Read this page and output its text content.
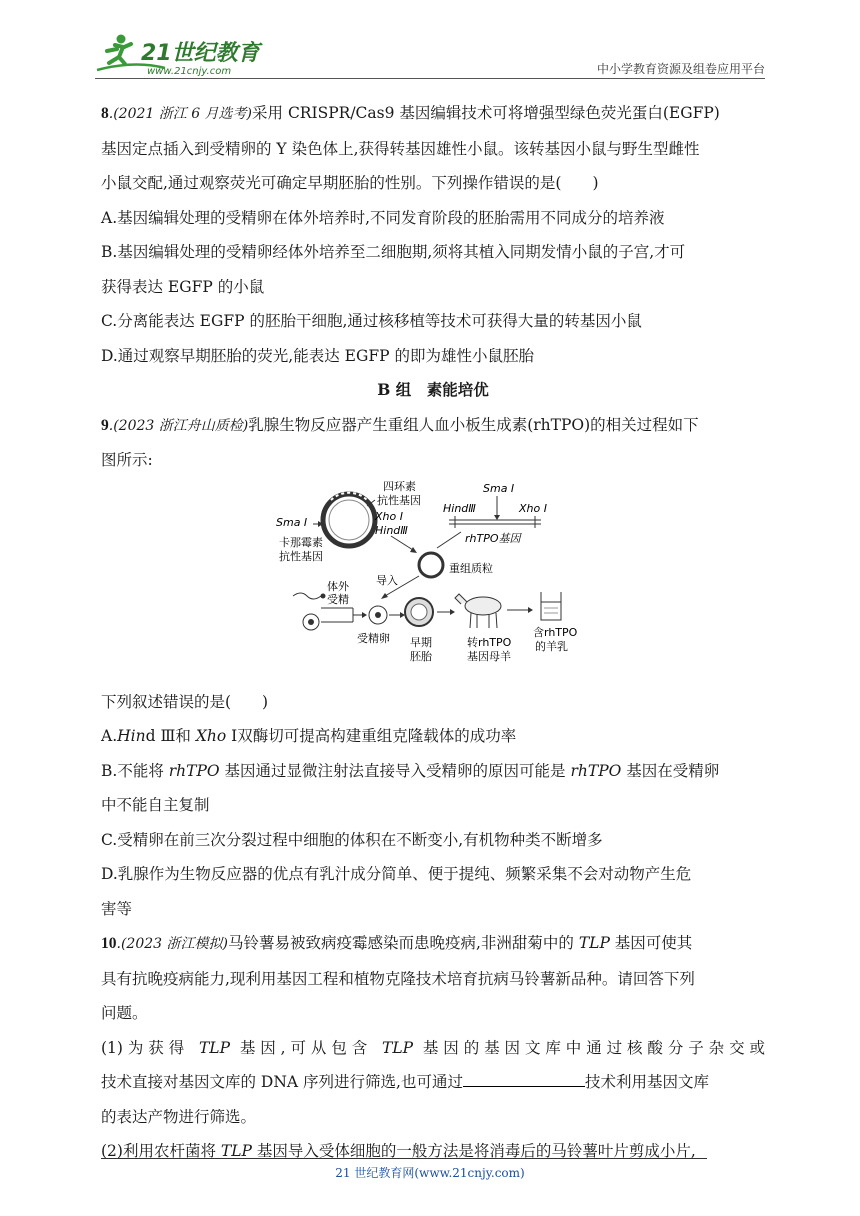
21世纪教育
www.21cnjy.com	中小学教育资源及组卷应用平台

8.(2021 浙江 6 月选考)采用 CRISPR/Cas9 基因编辑技术可将增强型绿色荧光蛋白(EGFP)

基因定点插入到受精卵的 Y 染色体上,获得转基因雄性小鼠。该转基因小鼠与野生型雌性

小鼠交配,通过观察荧光可确定早期胚胎的性别。下列操作错误的是(　　)

A.基因编辑处理的受精卵在体外培养时,不同发育阶段的胚胎需用不同成分的培养液

B.基因编辑处理的受精卵经体外培养至二细胞期,须将其植入同期发情小鼠的子宫,才可

获得表达 EGFP 的小鼠

C.分离能表达 EGFP 的胚胎干细胞,通过核移植等技术可获得大量的转基因小鼠

D.通过观察早期胚胎的荧光,能表达 EGFP 的即为雄性小鼠胚胎

B 组　素能培优

9.(2023 浙江舟山质检)乳腺生物反应器产生重组人血小板生成素(rhTPO)的相关过程如下

图所示:

四环素
抗性基因
Sma Ⅰ	Xho Ⅰ
HindⅢ
卡那霉素
抗性基因
Sma Ⅰ
HindⅢ	Xho Ⅰ
rhTPO基因
重组质粒
导入
体外
受精
受精卵 早期
胚胎
转rhTPO
基因母羊
含rhTPO
的羊乳

下列叙述错误的是(　　)

A.Hind Ⅲ和 Xho Ⅰ双酶切可提高构建重组克隆载体的成功率

B.不能将 rhTPO 基因通过显微注射法直接导入受精卵的原因可能是 rhTPO 基因在受精卵

中不能自主复制

C.受精卵在前三次分裂过程中细胞的体积在不断变小,有机物种类不断增多

D.乳腺作为生物反应器的优点有乳汁成分简单、便于提纯、频繁采集不会对动物产生危

害等

10.(2023 浙江模拟)马铃薯易被致病疫霉感染而患晚疫病,非洲甜菊中的 TLP 基因可使其

具有抗晚疫病能力,现利用基因工程和植物克隆技术培育抗病马铃薯新品种。请回答下列

问题。

(1)为获得 TLP 基因,可从包含 TLP 基因的基因文库中通过核酸分子杂交或

技术直接对基因文库的 DNA 序列进行筛选,也可通过	技术利用基因文库

的表达产物进行筛选。

(2)利用农杆菌将 TLP 基因导入受体细胞的一般方法是将消毒后的马铃薯叶片剪成小片,

21 世纪教育网(www.21cnjy.com)
